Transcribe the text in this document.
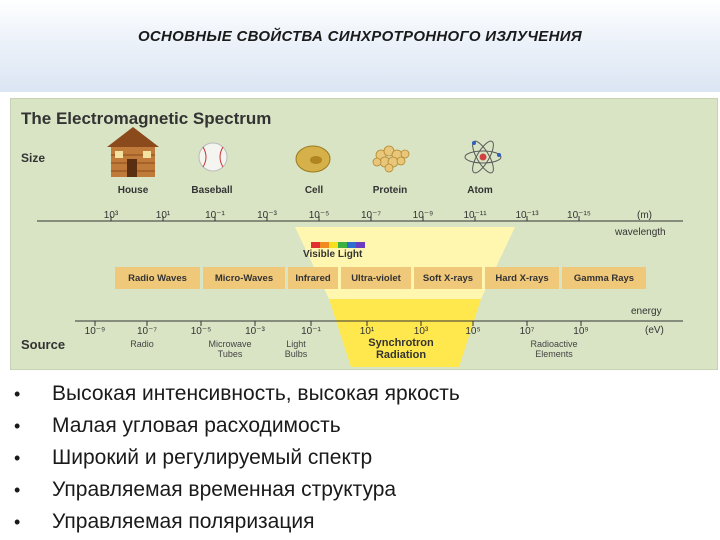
ОСНОВНЫЕ СВОЙСТВА СИНХРОТРОННОГО ИЗЛУЧЕНИЯ
The Electromagnetic Spectrum
Size
House	Baseball	Cell	Protein	Atom
10³	10¹	10⁻¹	10⁻³	10⁻⁵	10⁻⁷	10⁻⁹	10⁻¹¹	10⁻¹³	10⁻¹⁵	(m)
wavelength
Visible Light
Radio Waves	Micro-Waves	Infrared	Ultra-violet	Soft X-rays	Hard X-rays	Gamma Rays
energy
(eV)
10⁻⁹	10⁻⁷	10⁻⁵	10⁻³	10⁻¹	10¹	10³	10⁵	10⁷	10⁹
Source	Radio	Microwave
Tubes
Light
Bulbs
Radioactive
Elements
Synchrotron
Radiation
• Высокая интенсивность, высокая яркость
• Малая угловая расходимость
• Широкий и регулируемый спектр
• Управляемая временная структура
• Управляемая поляризация
